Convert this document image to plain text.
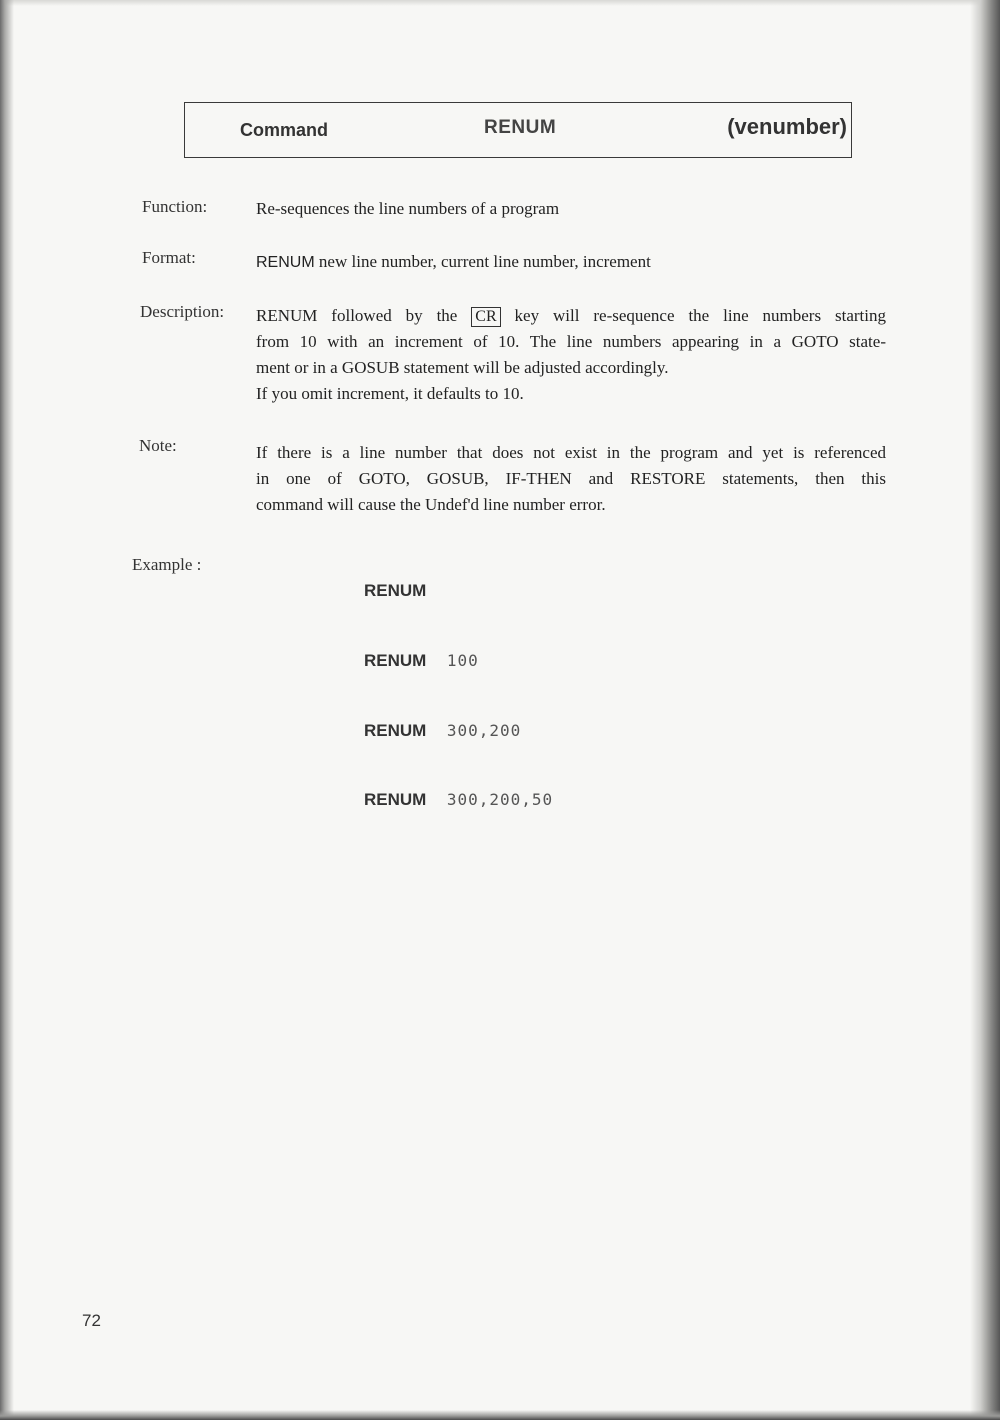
Command	RENUM	(venumber)
Function:	Re-sequences the line numbers of a program
Format:	RENUM new line number, current line number, increment
Description: RENUM followed by the CR key will re-sequence the line numbers starting
from 10 with an increment of 10. The line numbers appearing in a GOTO state-
ment or in a GOSUB statement will be adjusted accordingly.
If you omit increment, it defaults to 10.
Note:	If there is a line number that does not exist in the program and yet is referenced
in one of GOTO, GOSUB, IF-THEN and RESTORE statements, then this
command will cause the Undef'd line number error.
Example :
RENUM
RENUM 100
RENUM 300,200
RENUM 300,200,50
72
